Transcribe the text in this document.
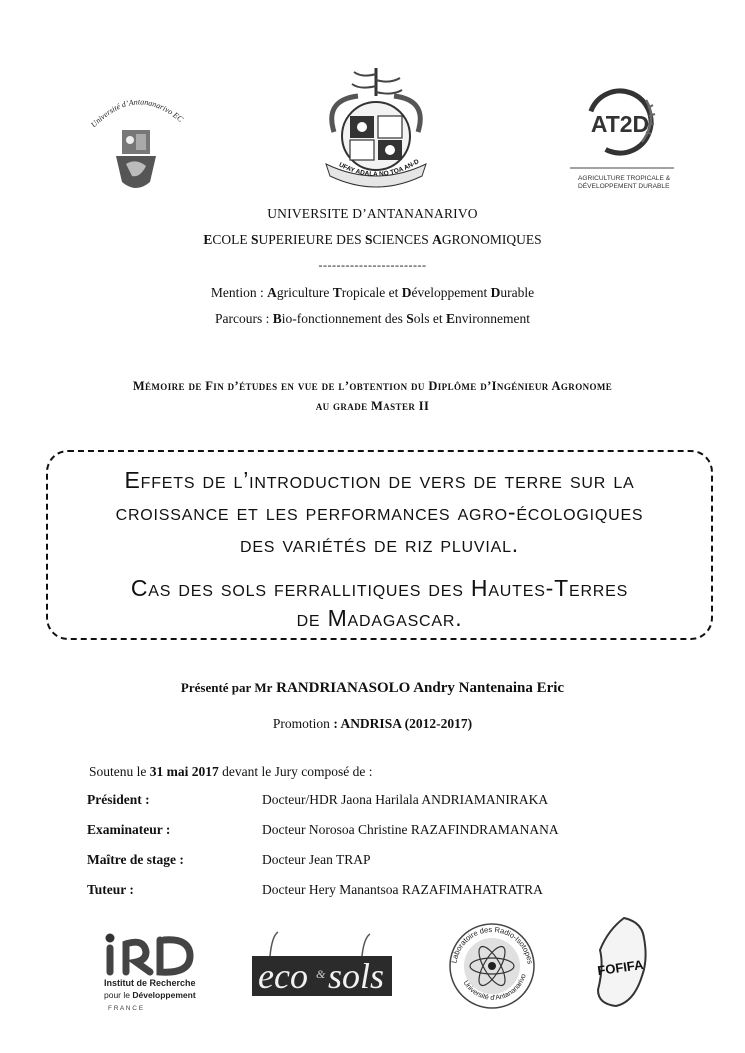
Université d’Antananarivo EC
UFAY ADALA NO TOA AN-D
AT2D
AGRICULTURE TROPICALE &
DÉVELOPPEMENT DURABLE
UNIVERSITE D’ANTANANARIVO
ECOLE SUPERIEURE DES SCIENCES AGRONOMIQUES
------------------------
Mention : Agriculture Tropicale et Développement Durable
Parcours : Bio-fonctionnement des Sols et Environnement
Mémoire de Fin d’études en vue de l’obtention du Diplôme d’Ingénieur Agronome
au grade Master II
Effets de l’introduction de vers de terre sur la
croissance et les performances agro-écologiques
des variétés de riz pluvial.
Cas des sols ferrallitiques des Hautes-Terres
de Madagascar.
Présenté par Mr RANDRIANASOLO Andry Nantenaina Eric
Promotion : ANDRISA (2012-2017)
Soutenu le 31 mai 2017 devant le Jury composé de :
Président :	Docteur/HDR Jaona Harilala ANDRIAMANIRAKA
Examinateur :	Docteur Norosoa Christine RAZAFINDRAMANANA
Maître de stage :	Docteur Jean TRAP
Tuteur :	Docteur Hery Manantsoa RAZAFIMAHATRATRA
IRD
Institut de Recherche
pour le Développement
F R A N C E
eco & sols	Laboratoire des Radio-Isotopes
Université d’Antananarivo	FOFIFA
